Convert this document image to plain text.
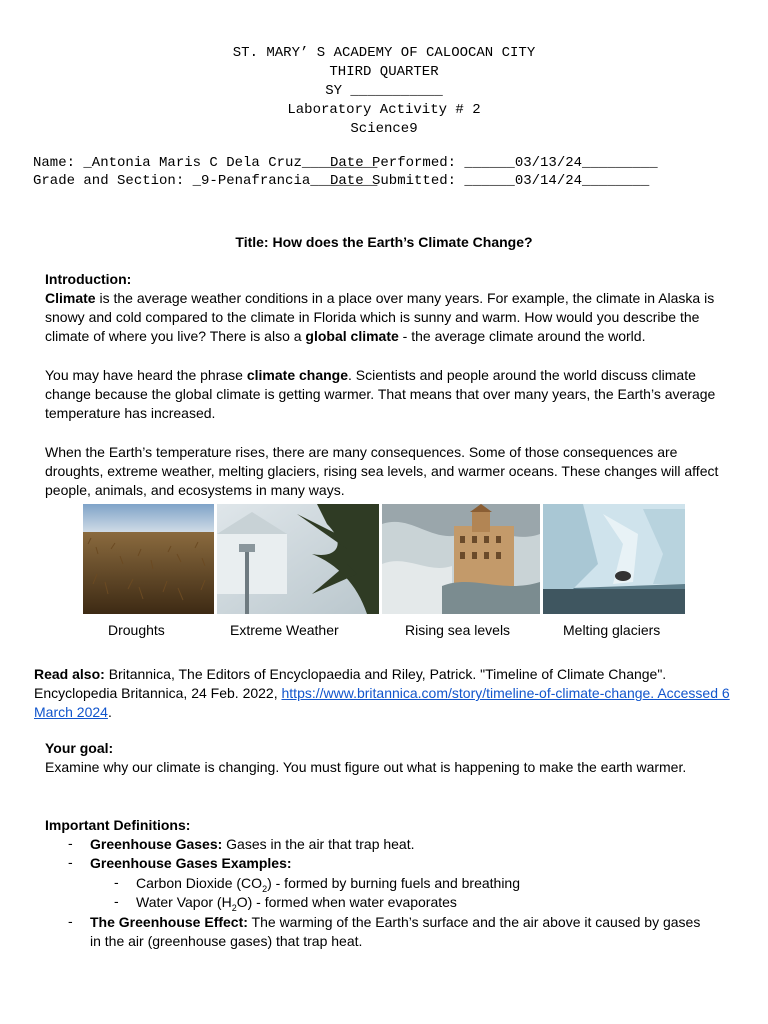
ST. MARY’ S ACADEMY OF CALOOCAN CITY
THIRD QUARTER
SY ___________
Laboratory Activity # 2
Science9
Name: _Antonia Maris C Dela Cruz_________
Date Performed: ______03/13/24_________
Grade and Section: _9-Penafrancia________
Date Submitted: ______03/14/24________
Title: How does the Earth’s Climate Change?
Introduction:
Climate is the average weather conditions in a place over many years. For example, the climate in Alaska is snowy and cold compared to the climate in Florida which is sunny and warm. How would you describe the climate of where you live? There is also a global climate - the average climate around the world.
You may have heard the phrase climate change. Scientists and people around the world discuss climate change because the global climate is getting warmer. That means that over many years, the Earth’s average temperature has increased.
When the Earth’s temperature rises, there are many consequences. Some of those consequences are droughts, extreme weather, melting glaciers, rising sea levels, and warmer oceans. These changes will affect people, animals, and ecosystems in many ways.
Droughts	Extreme Weather	Rising sea levels	Melting glaciers
Read also: Britannica, The Editors of Encyclopaedia and Riley, Patrick. "Timeline of Climate Change". Encyclopedia Britannica, 24 Feb. 2022, https://www.britannica.com/story/timeline-of-climate-change. Accessed 6 March 2024.
Your goal:
Examine why our climate is changing. You must figure out what is happening to make the earth warmer.
Important Definitions:
- Greenhouse Gases: Gases in the air that trap heat.
- Greenhouse Gases Examples:
- Carbon Dioxide $(CO_2)$ - formed by burning fuels and breathing
- Water Vapor $(H_2O)$ - formed when water evaporates
- The Greenhouse Effect: The warming of the Earth’s surface and the air above it caused by gases in the air (greenhouse gases) that trap heat.
